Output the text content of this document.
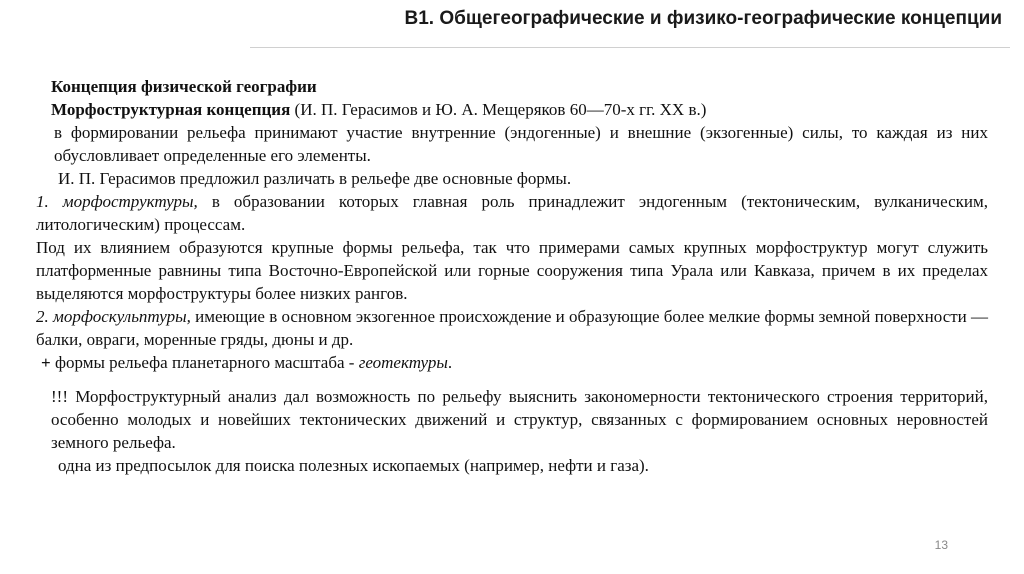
В1. Общегеографические и физико-географические концепции

Концепция физической географии

Морфоструктурная концепция (И. П. Герасимов и Ю. А. Мещеряков 60—70-х гг. XX в.)

в формировании рельефа принимают участие внутренние (эндогенные) и внешние (экзогенные) силы, то каждая из них обусловливает определенные его элементы.

И. П. Герасимов предложил различать в рельефе две основные формы.

1. морфоструктуры, в образовании которых главная роль принадлежит эндогенным (тектоническим, вулканическим, литологическим) процессам.

Под их влиянием образуются крупные формы рельефа, так что примерами самых крупных морфоструктур могут служить платформенные равнины типа Восточно-Европейской или горные сооружения типа Урала или Кавказа, причем в их пределах выделяются морфоструктуры более низких рангов.

2. морфоскульптуры, имеющие в основном экзогенное происхождение и образующие более мелкие формы земной поверхности — балки, овраги, моренные гряды, дюны и др.

+ формы рельефа планетарного масштаба - геотектуры.

!!! Морфоструктурный анализ дал возможность по рельефу выяснить закономерности тектонического строения территорий, особенно молодых и новейших тектонических движений и структур, связанных с формированием основных неровностей земного рельефа.

одна из предпосылок для поиска полезных ископаемых (например, нефти и газа).

13
